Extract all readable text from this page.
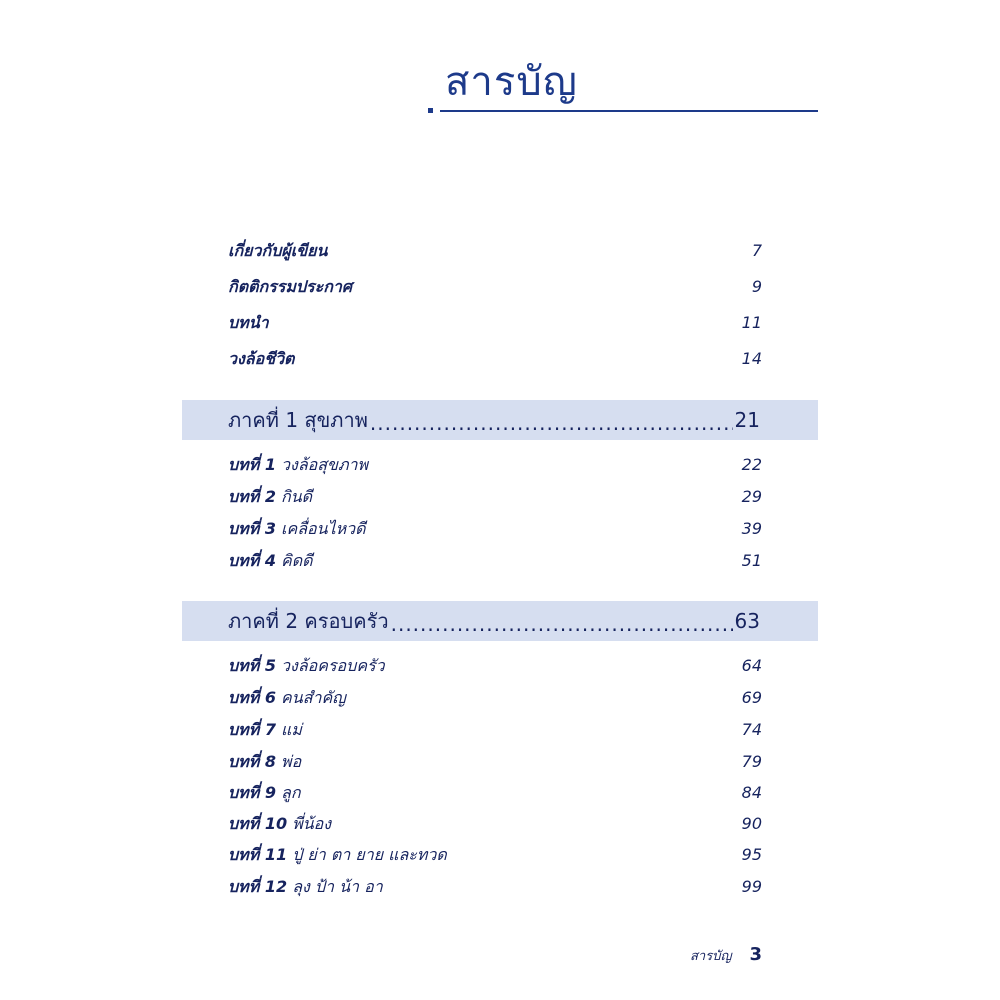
สารบัญ
เกี่ยวกับผู้เขียน	7
กิตติกรรมประกาศ	9
บทนำ	11
วงล้อชีวิต	14
ภาคที่ 1 สุขภาพ .....	21
บทที่ 1 วงล้อสุขภาพ	22
บทที่ 2 กินดี	29
บทที่ 3 เคลื่อนไหวดี	39
บทที่ 4 คิดดี	51
ภาคที่ 2 ครอบครัว .....	63
บทที่ 5 วงล้อครอบครัว	64
บทที่ 6 คนสำคัญ	69
บทที่ 7 แม่	74
บทที่ 8 พ่อ	79
บทที่ 9 ลูก	84
บทที่ 10 พี่น้อง	90
บทที่ 11 ปู่ ย่า ตา ยาย และทวด	95
บทที่ 12 ลุง ป้า น้า อา	99
สารบัญ 3
